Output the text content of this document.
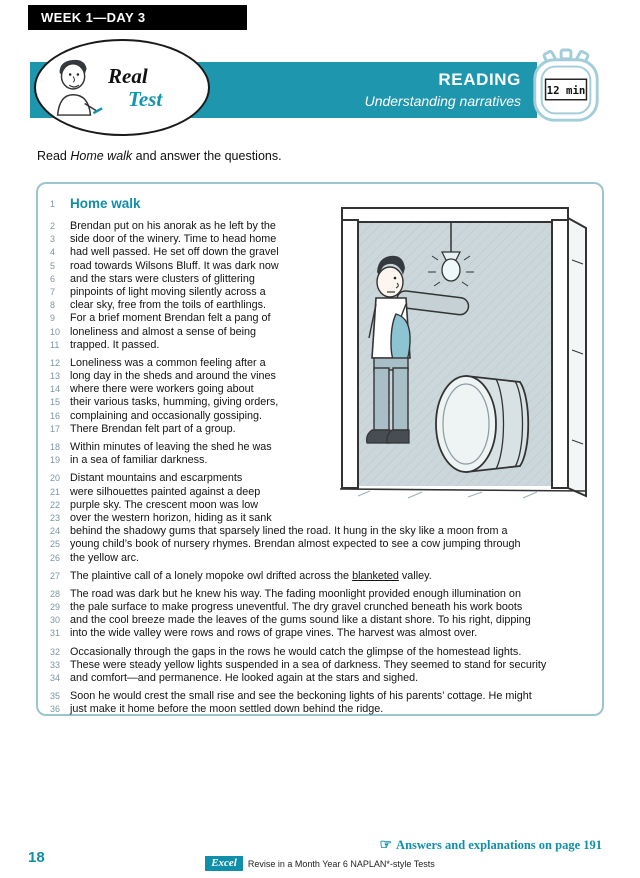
WEEK 1—DAY 3
READING
Understanding narratives
Real
Test	12 min
Read Home walk and answer the questions.
1	Home walk
2	Brendan put on his anorak as he left by the
3	side door of the winery. Time to head home
4	had well passed. He set off down the gravel
5	road towards Wilsons Bluff. It was dark now
6	and the stars were clusters of glittering
7	pinpoints of light moving silently across a
8	clear sky, free from the toils of earthlings.
9	For a brief moment Brendan felt a pang of
10 loneliness and almost a sense of being
11 trapped. It passed.
12 Loneliness was a common feeling after a
13 long day in the sheds and around the vines
14 where there were workers going about
15 their various tasks, humming, giving orders,
16 complaining and occasionally gossiping.
17 There Brendan felt part of a group.
18 Within minutes of leaving the shed he was
19 in a sea of familiar darkness.
20 Distant mountains and escarpments
21 were silhouettes painted against a deep
22 purple sky. The crescent moon was low
23 over the western horizon, hiding as it sank
24 behind the shadowy gums that sparsely lined the road. It hung in the sky like a moon from a
25 young child’s book of nursery rhymes. Brendan almost expected to see a cow jumping through
26 the yellow arc.
27 The plaintive call of a lonely mopoke owl drifted across the blanketed valley.
28 The road was dark but he knew his way. The fading moonlight provided enough illumination on
29 the pale surface to make progress uneventful. The dry gravel crunched beneath his work boots
30 and the cool breeze made the leaves of the gums sound like a distant shore. To his right, dipping
31 into the wide valley were rows and rows of grape vines. The harvest was almost over.
32 Occasionally through the gaps in the rows he would catch the glimpse of the homestead lights.
33 These were steady yellow lights suspended in a sea of darkness. They seemed to stand for security
34 and comfort—and permanence. He looked again at the stars and sighed.
35 Soon he would crest the small rise and see the beckoning lights of his parents’ cottage. He might
36 just make it home before the moon settled down behind the ridge.
☞ Answers and explanations on page 191
Excel	Revise in a Month Year 6 NAPLAN*-style Tests
18
